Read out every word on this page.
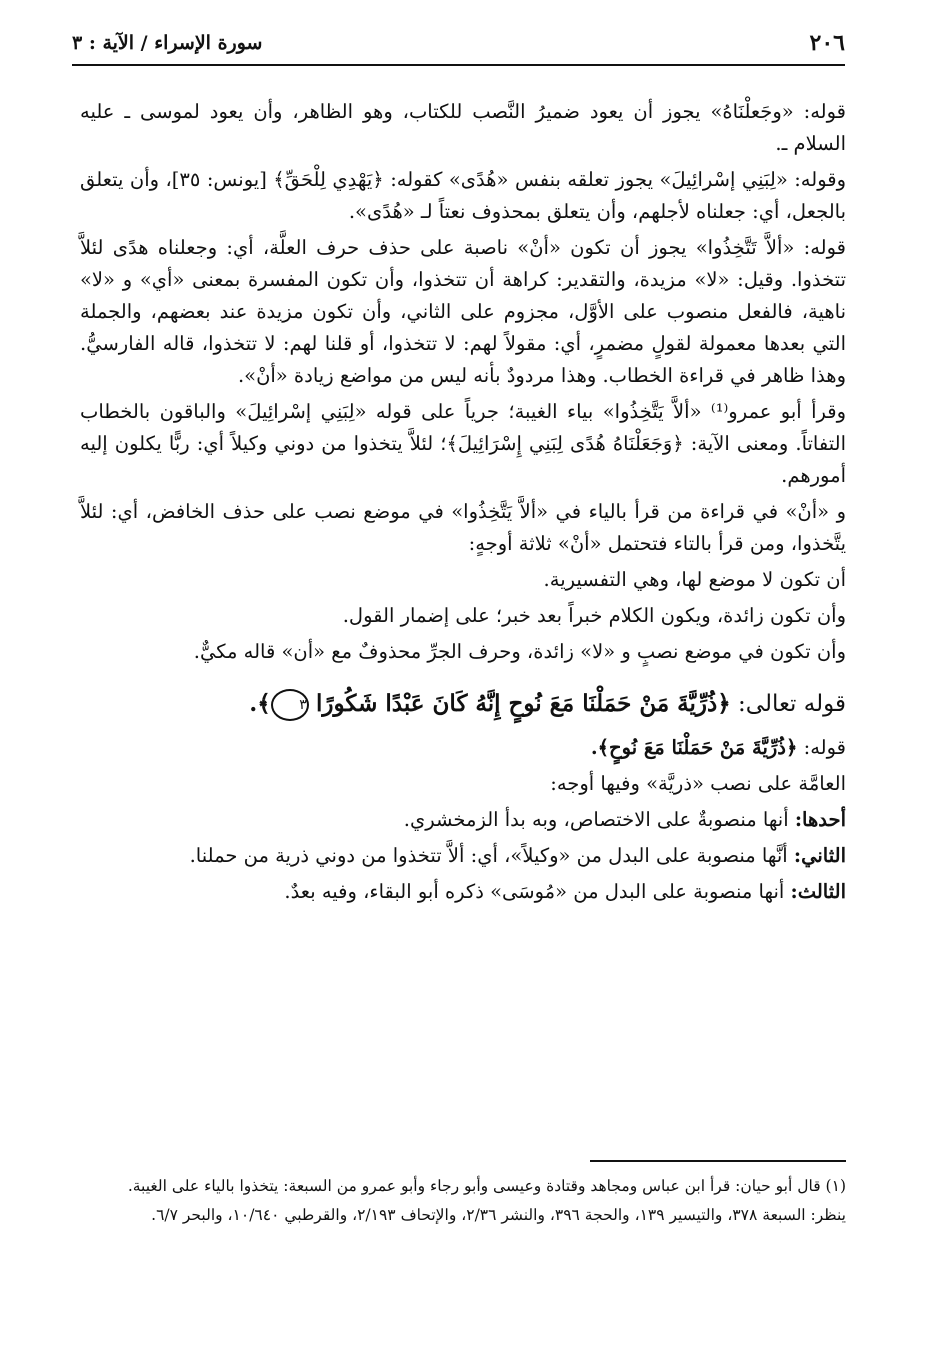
٢٠٦
سورة الإسراء / الآية : ٣

قوله: «وجَعلْنَاهُ» يجوز أن يعود ضميرُ النَّصب للكتاب، وهو الظاهر، وأن يعود لموسى ـ عليه السلام ـ.

وقوله: «لِبَنِي إسْرائِيلَ» يجوز تعلقه بنفس «هُدًى» كقوله: ﴿يَهْدِي لِلْحَقِّ﴾ [يونس: ٣٥]، وأن يتعلق بالجعل، أي: جعلناه لأجلهم، وأن يتعلق بمحذوف نعتاً لـ «هُدًى».

قوله: «ألاَّ تَتَّخِذُوا» يجوز أن تكون «أنْ» ناصبة على حذف حرف العلَّة، أي: وجعلناه هدًى لئلاَّ تتخذوا. وقيل: «لا» مزيدة، والتقدير: كراهة أن تتخذوا، وأن تكون المفسرة بمعنى «أي» و «لا» ناهية، فالفعل منصوب على الأوَّل، مجزوم على الثاني، وأن تكون مزيدة عند بعضهم، والجملة التي بعدها معمولة لقولٍ مضمرٍ، أي: مقولاً لهم: لا تتخذوا، أو قلنا لهم: لا تتخذوا، قاله الفارسيُّ. وهذا ظاهر في قراءة الخطاب. وهذا مردودٌ بأنه ليس من مواضع زيادة «أنْ».

وقرأ أبو عمرو⁽¹⁾ «ألاَّ يَتَّخِذُوا» بياء الغيبة؛ جرياً على قوله «لِبَنِي إسْرائِيلَ» والباقون بالخطاب التفاتاً. ومعنى الآية: ﴿وَجَعَلْنَاهُ هُدًى لِبَنِي إِسْرَائِيلَ﴾؛ لئلاَّ يتخذوا من دوني وكيلاً أي: ربًّا يكلون إليه أمورهم.

و «أنْ» في قراءة من قرأ بالياء في «ألاَّ يَتَّخِذُوا» في موضع نصب على حذف الخافض، أي: لئلاَّ يتَّخذوا، ومن قرأ بالتاء فتحتمل «أنْ» ثلاثة أوجهٍ:

أن تكون لا موضع لها، وهي التفسيرية.

وأن تكون زائدة، ويكون الكلام خبراً بعد خبر؛ على إضمار القول.

وأن تكون في موضع نصبٍ و «لا» زائدة، وحرف الجرِّ محذوفٌ مع «أن» قاله مكيٌّ.

قوله تعالى: ﴿ذُرِّيَّةَ مَنْ حَمَلْنَا مَعَ نُوحٍ إِنَّهُ كَانَ عَبْدًا شَكُورًا ٣﴾.

قوله: ﴿ذُرِّيَّةَ مَنْ حَمَلْنَا مَعَ نُوحٍ﴾.

العامَّة على نصب «ذريَّة» وفيها أوجه:

أحدها: أنها منصوبةٌ على الاختصاص، وبه بدأ الزمخشري.

الثاني: أنَّها منصوبة على البدل من «وكيلاً»، أي: ألاَّ تتخذوا من دوني ذرية من حملنا.

الثالث: أنها منصوبة على البدل من «مُوسَى» ذكره أبو البقاء، وفيه بعدٌ.

(١) قال أبو حيان: قرأ ابن عباس ومجاهد وقتادة وعيسى وأبو رجاء وأبو عمرو من السبعة: يتخذوا بالياء على الغيبة.

ينظر: السبعة ٣٧٨، والتيسير ١٣٩، والحجة ٣٩٦، والنشر ٢/٣٦، والإتحاف ٢/١٩٣، والقرطبي ١٠/٦٤٠، والبحر ٦/٧.
